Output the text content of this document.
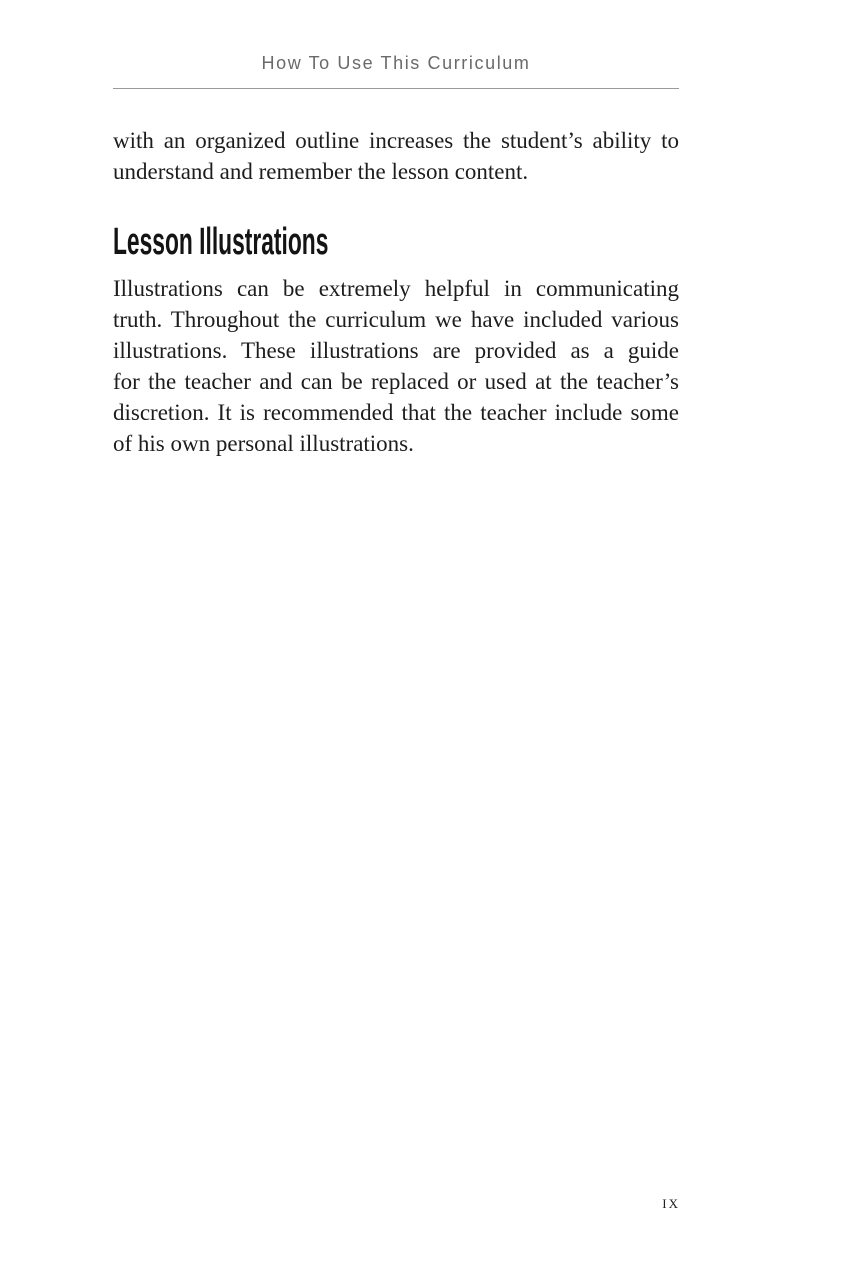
How To Use This Curriculum
with an organized outline increases the student’s ability to
understand and remember the lesson content.
Lesson Illustrations
Illustrations can be extremely helpful in communicating
truth. Throughout the curriculum we have included various
illustrations. These illustrations are provided as a guide
for the teacher and can be replaced or used at the teacher’s
discretion. It is recommended that the teacher include some
of his own personal illustrations.
ix
